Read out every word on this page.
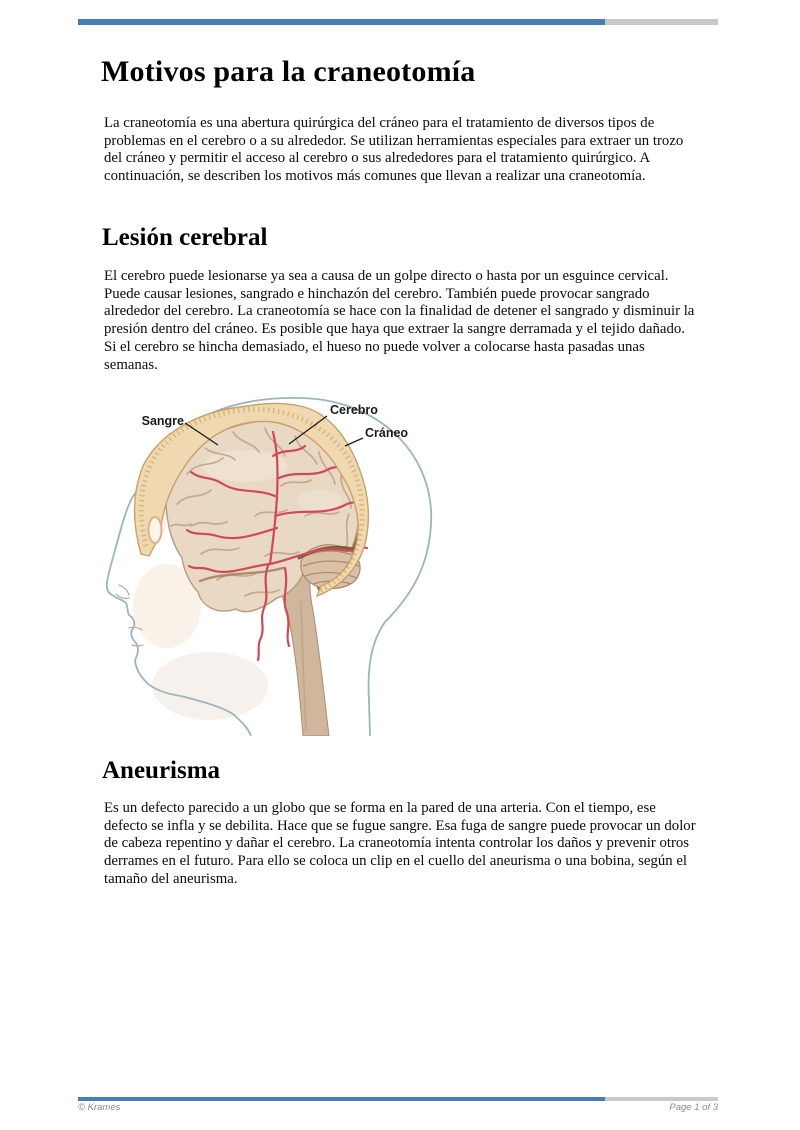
Motivos para la craneotomía

La craneotomía es una abertura quirúrgica del cráneo para el tratamiento de diversos tipos de problemas en el cerebro o a su alrededor. Se utilizan herramientas especiales para extraer un trozo del cráneo y permitir el acceso al cerebro o sus alrededores para el tratamiento quirúrgico. A continuación, se describen los motivos más comunes que llevan a realizar una craneotomía.

Lesión cerebral

El cerebro puede lesionarse ya sea a causa de un golpe directo o hasta por un esguince cervical. Puede causar lesiones, sangrado e hinchazón del cerebro. También puede provocar sangrado alrededor del cerebro. La craneotomía se hace con la finalidad de detener el sangrado y disminuir la presión dentro del cráneo. Es posible que haya que extraer la sangre derramada y el tejido dañado. Si el cerebro se hincha demasiado, el hueso no puede volver a colocarse hasta pasadas unas semanas.

Sangre
Cerebro
Cráneo
Aneurisma

Es un defecto parecido a un globo que se forma en la pared de una arteria. Con el tiempo, ese defecto se infla y se debilita. Hace que se fugue sangre. Esa fuga de sangre puede provocar un dolor de cabeza repentino y dañar el cerebro. La craneotomía intenta controlar los daños y prevenir otros derrames en el futuro. Para ello se coloca un clip en el cuello del aneurisma o una bobina, según el tamaño del aneurisma.

© Krames	Page 1 of 3
